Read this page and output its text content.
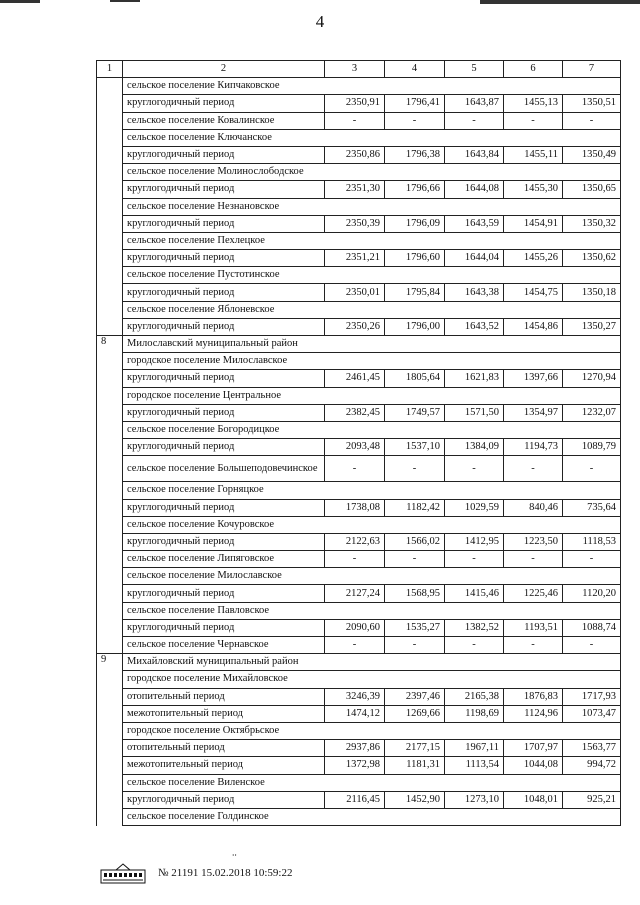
4
1	2	3	4	5	6	7
	сельское поселение Кипчаковское					
	круглогодичный период	2350,91	1796,41	1643,87	1455,13	1350,51
	сельское поселение Ковалинское	-	-	-	-	-
	сельское поселение Ключанское					
	круглогодичный период	2350,86	1796,38	1643,84	1455,11	1350,49
	сельское поселение Молинослободское					
	круглогодичный период	2351,30	1796,66	1644,08	1455,30	1350,65
	сельское поселение Незнановское					
	круглогодичный период	2350,39	1796,09	1643,59	1454,91	1350,32
	сельское поселение Пехлецкое					
	круглогодичный период	2351,21	1796,60	1644,04	1455,26	1350,62
	сельское поселение Пустотинское					
	круглогодичный период	2350,01	1795,84	1643,38	1454,75	1350,18
	сельское поселение Яблоневское					
	круглогодичный период	2350,26	1796,00	1643,52	1454,86	1350,27
8	Милославский муниципальный район					
	городское поселение Милославское					
	круглогодичный период	2461,45	1805,64	1621,83	1397,66	1270,94
	городское поселение Центральное					
	круглогодичный период	2382,45	1749,57	1571,50	1354,97	1232,07
	сельское поселение Богородицкое					
	круглогодичный период	2093,48	1537,10	1384,09	1194,73	1089,79
	сельское поселение Большеподовечинское	-	-	-	-	-
	сельское поселение Горняцкое					
	круглогодичный период	1738,08	1182,42	1029,59	840,46	735,64
	сельское поселение Кочуровское					
	круглогодичный период	2122,63	1566,02	1412,95	1223,50	1118,53
	сельское поселение Липяговское	-	-	-	-	-
	сельское поселение Милославское					
	круглогодичный период	2127,24	1568,95	1415,46	1225,46	1120,20
	сельское поселение Павловское					
	круглогодичный период	2090,60	1535,27	1382,52	1193,51	1088,74
	сельское поселение Чернавское	-	-	-	-	-
9	Михайловский муниципальный район					
	городское поселение Михайловское					
	отопительный период	3246,39	2397,46	2165,38	1876,83	1717,93
	межотопительный период	1474,12	1269,66	1198,69	1124,96	1073,47
	городское поселение Октябрьское					
	отопительный период	2937,86	2177,15	1967,11	1707,97	1563,77
	межотопительный период	1372,98	1181,31	1113,54	1044,08	994,72
	сельское поселение Виленское					
	круглогодичный период	2116,45	1452,90	1273,10	1048,01	925,21
	сельское поселение Голдинское					
⸱⸱
№ 21191 15.02.2018 10:59:22
